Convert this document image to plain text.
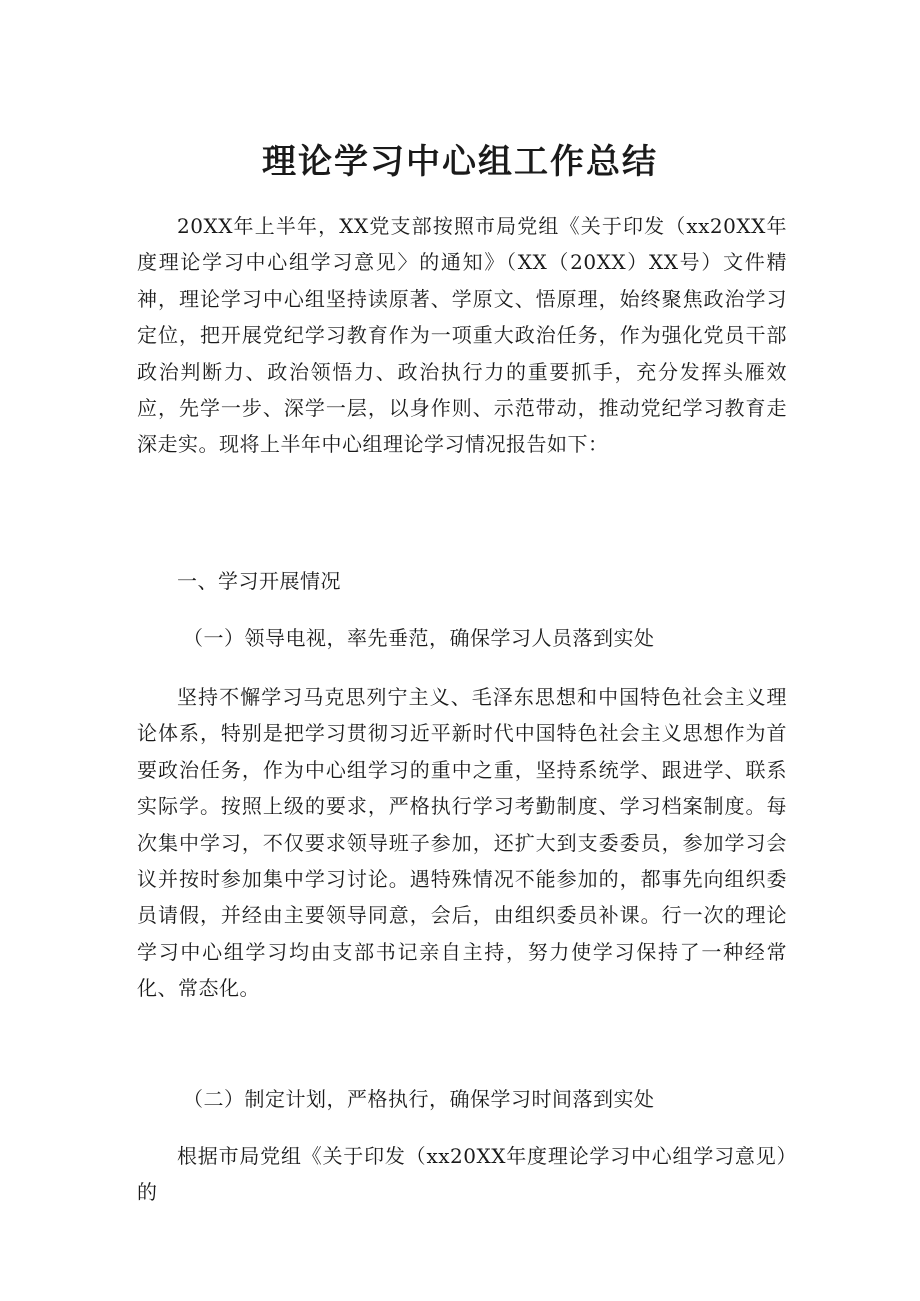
理论学习中心组工作总结

20XX年上半年，XX党支部按照市局党组《关于印发（xx20XX年度理论学习中心组学习意见〉的通知》（XX（20XX）XX号）文件精神，理论学习中心组坚持读原著、学原文、悟原理，始终聚焦政治学习定位，把开展党纪学习教育作为一项重大政治任务，作为强化党员干部政治判断力、政治领悟力、政治执行力的重要抓手，充分发挥头雁效应，先学一步、深学一层，以身作则、示范带动，推动党纪学习教育走深走实。现将上半年中心组理论学习情况报告如下：

一、学习开展情况

（一）领导电视，率先垂范，确保学习人员落到实处

坚持不懈学习马克思列宁主义、毛泽东思想和中国特色社会主义理论体系，特别是把学习贯彻习近平新时代中国特色社会主义思想作为首要政治任务，作为中心组学习的重中之重，坚持系统学、跟进学、联系实际学。按照上级的要求，严格执行学习考勤制度、学习档案制度。每次集中学习，不仅要求领导班子参加，还扩大到支委委员，参加学习会议并按时参加集中学习讨论。遇特殊情况不能参加的，都事先向组织委员请假，并经由主要领导同意，会后，由组织委员补课。行一次的理论学习中心组学习均由支部书记亲自主持，努力使学习保持了一种经常化、常态化。

（二）制定计划，严格执行，确保学习时间落到实处

根据市局党组《关于印发（xx20XX年度理论学习中心组学习意见）的
